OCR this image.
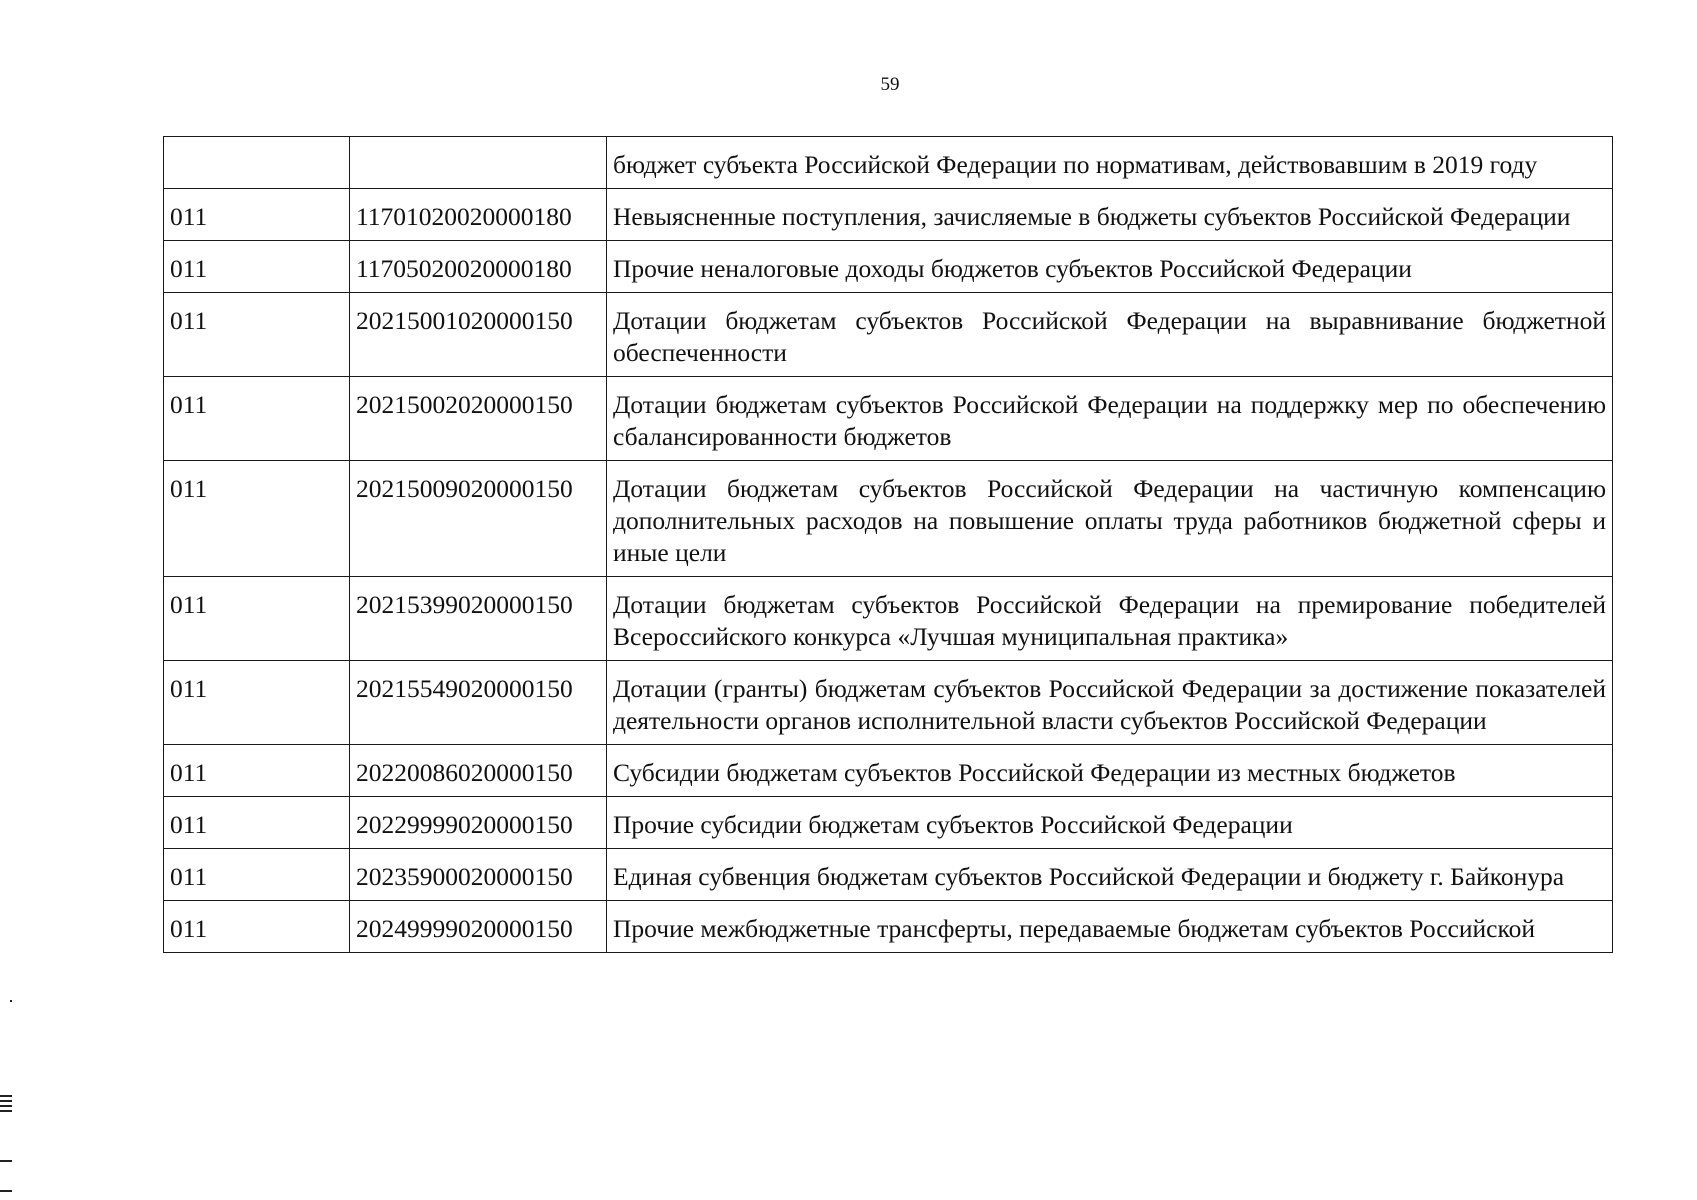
59
		бюджет субъекта Российской Федерации по нормативам, действовавшим в 2019 году
011	11701020020000180	Невыясненные поступления, зачисляемые в бюджеты субъектов Российской Федерации
011	11705020020000180	Прочие неналоговые доходы бюджетов субъектов Российской Федерации
011	20215001020000150	Дотации бюджетам субъектов Российской Федерации на выравнивание бюджетной обеспеченности
011	20215002020000150	Дотации бюджетам субъектов Российской Федерации на поддержку мер по обеспечению сбалансированности бюджетов
011	20215009020000150	Дотации бюджетам субъектов Российской Федерации на частичную компенсацию дополнительных расходов на повышение оплаты труда работников бюджетной сферы и иные цели
011	20215399020000150	Дотации бюджетам субъектов Российской Федерации на премирование победителей Всероссийского конкурса «Лучшая муниципальная практика»
011	20215549020000150	Дотации (гранты) бюджетам субъектов Российской Федерации за достижение показателей деятельности органов исполнительной власти субъектов Российской Федерации
011	20220086020000150	Субсидии бюджетам субъектов Российской Федерации из местных бюджетов
011	20229999020000150	Прочие субсидии бюджетам субъектов Российской Федерации
011	20235900020000150	Единая субвенция бюджетам субъектов Российской Федерации и бюджету г. Байконура
011	20249999020000150	Прочие межбюджетные трансферты, передаваемые бюджетам субъектов Российской
